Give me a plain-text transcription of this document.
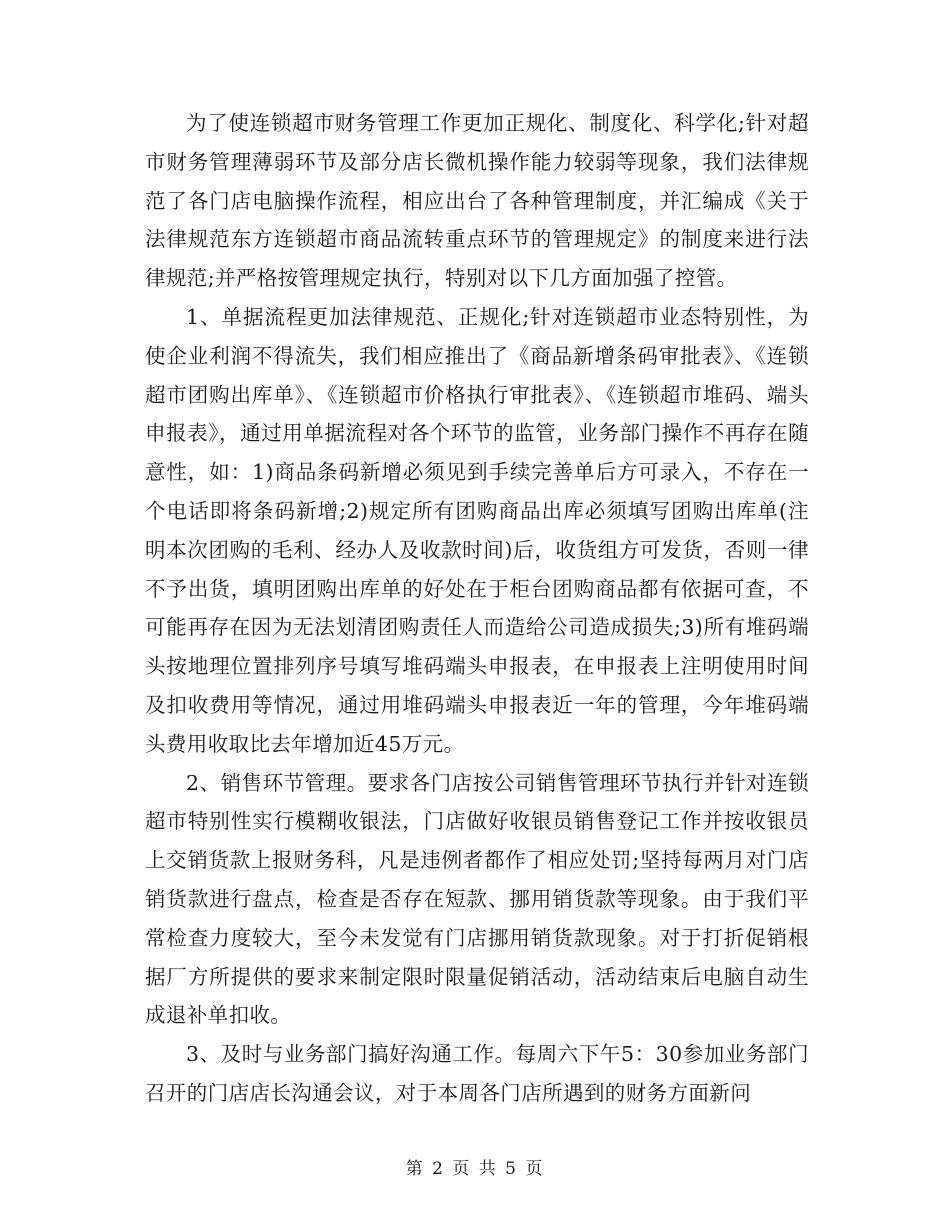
为了使连锁超市财务管理工作更加正规化、制度化、科学化;针对超市财务管理薄弱环节及部分店长微机操作能力较弱等现象，我们法律规范了各门店电脑操作流程，相应出台了各种管理制度，并汇编成《关于法律规范东方连锁超市商品流转重点环节的管理规定》的制度来进行法律规范;并严格按管理规定执行，特别对以下几方面加强了控管。

1、单据流程更加法律规范、正规化;针对连锁超市业态特别性，为使企业利润不得流失，我们相应推出了《商品新增条码审批表》、《连锁超市团购出库单》、《连锁超市价格执行审批表》、《连锁超市堆码、端头申报表》，通过用单据流程对各个环节的监管，业务部门操作不再存在随意性，如：1)商品条码新增必须见到手续完善单后方可录入，不存在一个电话即将条码新增;2)规定所有团购商品出库必须填写团购出库单(注明本次团购的毛利、经办人及收款时间)后，收货组方可发货，否则一律不予出货，填明团购出库单的好处在于柜台团购商品都有依据可查，不可能再存在因为无法划清团购责任人而造给公司造成损失;3)所有堆码端头按地理位置排列序号填写堆码端头申报表，在申报表上注明使用时间及扣收费用等情况，通过用堆码端头申报表近一年的管理，今年堆码端头费用收取比去年增加近45万元。

2、销售环节管理。要求各门店按公司销售管理环节执行并针对连锁超市特别性实行模糊收银法，门店做好收银员销售登记工作并按收银员上交销货款上报财务科，凡是违例者都作了相应处罚;坚持每两月对门店销货款进行盘点，检查是否存在短款、挪用销货款等现象。由于我们平常检查力度较大，至今未发觉有门店挪用销货款现象。对于打折促销根据厂方所提供的要求来制定限时限量促销活动，活动结束后电脑自动生成退补单扣收。

3、及时与业务部门搞好沟通工作。每周六下午5：30参加业务部门召开的门店店长沟通会议，对于本周各门店所遇到的财务方面新问

第 2 页 共 5 页
